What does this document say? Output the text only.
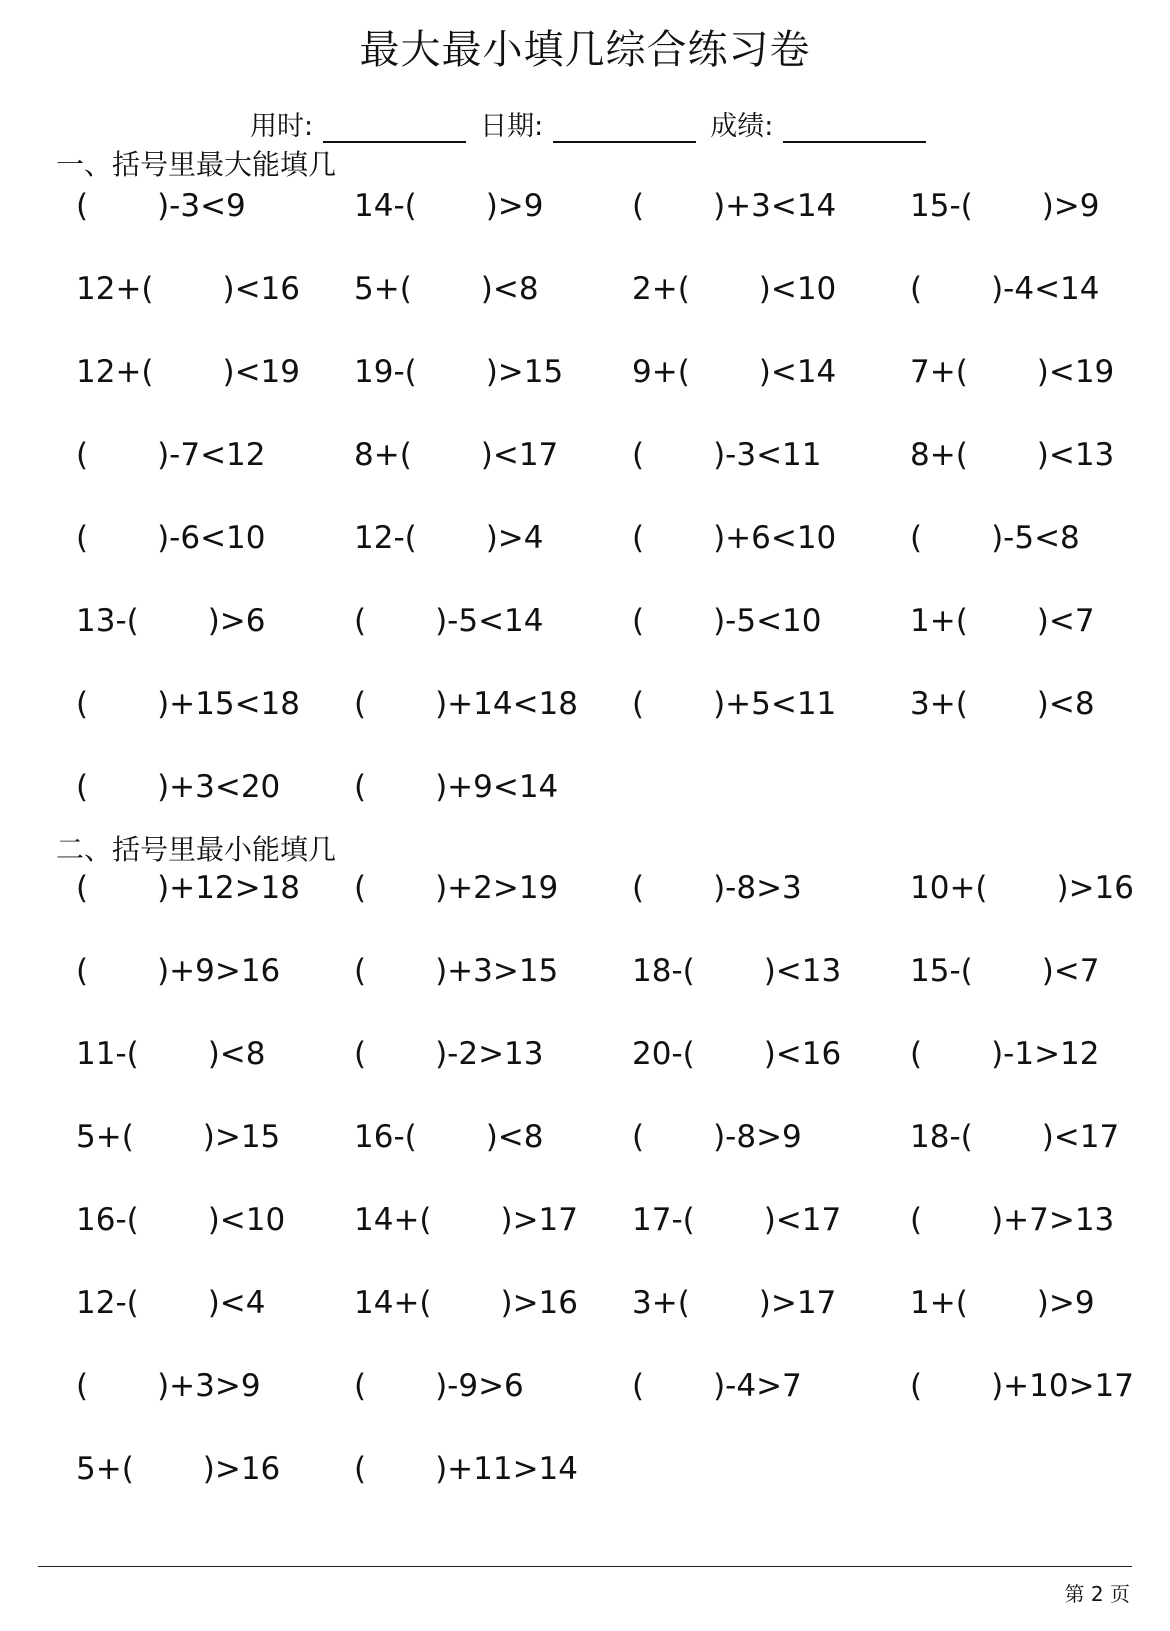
最大最小填几综合练习卷
用时:	日期:	成绩:
一、括号里最大能填几
(       )-3<9	14-(       )>9	(       )+3<14	15-(       )>9
12+(       )<16	5+(       )<8	2+(       )<10	(       )-4<14
12+(       )<19	19-(       )>15	9+(       )<14	7+(       )<19
(       )-7<12	8+(       )<17	(       )-3<11	8+(       )<13
(       )-6<10	12-(       )>4	(       )+6<10	(       )-5<8
13-(       )>6	(       )-5<14	(       )-5<10	1+(       )<7
(       )+15<18	(       )+14<18	(       )+5<11	3+(       )<8
(       )+3<20	(       )+9<14
二、括号里最小能填几
(       )+12>18	(       )+2>19	(       )-8>3	10+(       )>16
(       )+9>16	(       )+3>15	18-(       )<13	15-(       )<7
11-(       )<8	(       )-2>13	20-(       )<16	(       )-1>12
5+(       )>15	16-(       )<8	(       )-8>9	18-(       )<17
16-(       )<10	14+(       )>17	17-(       )<17	(       )+7>13
12-(       )<4	14+(       )>16	3+(       )>17	1+(       )>9
(       )+3>9	(       )-9>6	(       )-4>7	(       )+10>17
5+(       )>16	(       )+11>14
第 2 页
